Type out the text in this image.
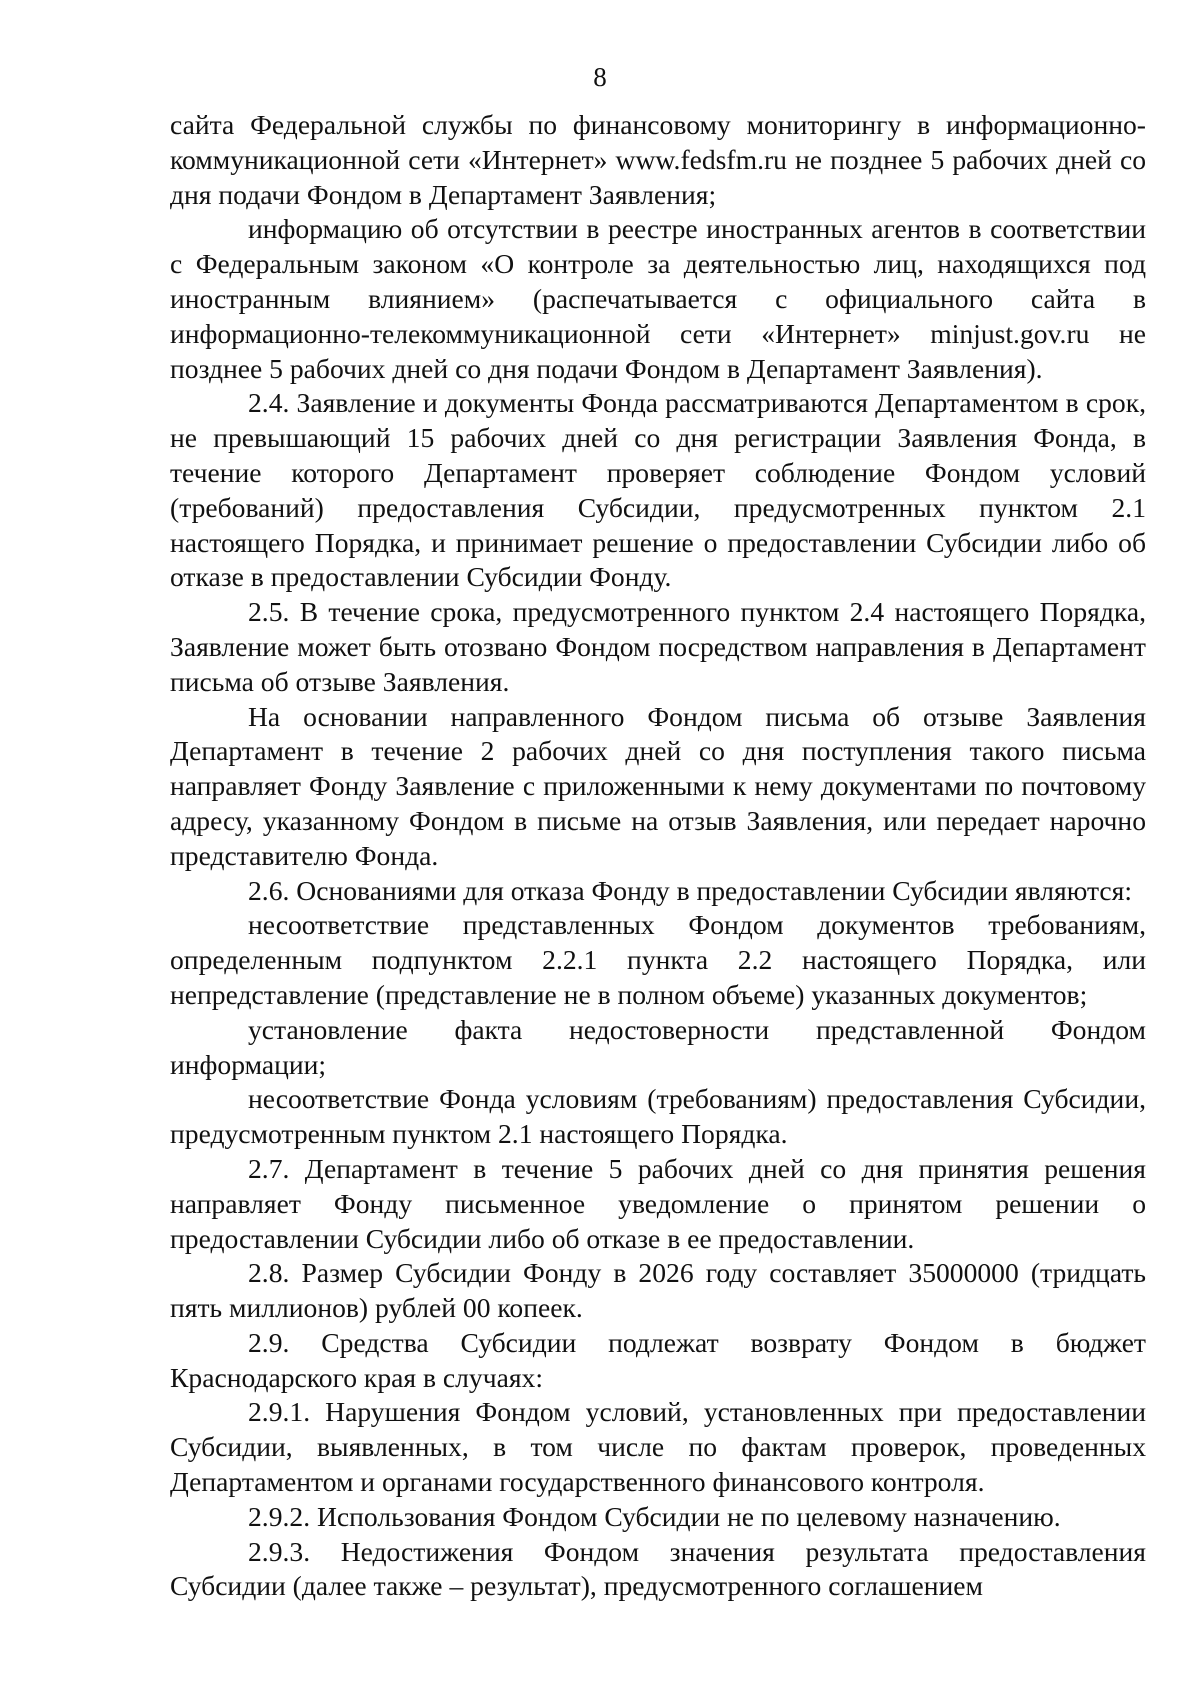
8

сайта Федеральной службы по финансовому мониторингу в информационно-коммуникационной сети «Интернет» www.fedsfm.ru не позднее 5 рабочих дней со дня подачи Фондом в Департамент Заявления;

информацию об отсутствии в реестре иностранных агентов в соответствии с Федеральным законом «О контроле за деятельностью лиц, находящихся под иностранным влиянием» (распечатывается с официального сайта в информационно-телекоммуникационной сети «Интернет» minjust.gov.ru не позднее 5 рабочих дней со дня подачи Фондом в Департамент Заявления).

2.4. Заявление и документы Фонда рассматриваются Департаментом в срок, не превышающий 15 рабочих дней со дня регистрации Заявления Фонда, в течение которого Департамент проверяет соблюдение Фондом условий (требований) предоставления Субсидии, предусмотренных пунктом 2.1 настоящего Порядка, и принимает решение о предоставлении Субсидии либо об отказе в предоставлении Субсидии Фонду.

2.5. В течение срока, предусмотренного пунктом 2.4 настоящего Порядка, Заявление может быть отозвано Фондом посредством направления в Департамент письма об отзыве Заявления.

На основании направленного Фондом письма об отзыве Заявления Департамент в течение 2 рабочих дней со дня поступления такого письма направляет Фонду Заявление с приложенными к нему документами по почтовому адресу, указанному Фондом в письме на отзыв Заявления, или передает нарочно представителю Фонда.

2.6. Основаниями для отказа Фонду в предоставлении Субсидии являются:

несоответствие представленных Фондом документов требованиям, определенным подпунктом 2.2.1 пункта 2.2 настоящего Порядка, или непредставление (представление не в полном объеме) указанных документов;

установление факта недостоверности представленной Фондом информации;

несоответствие Фонда условиям (требованиям) предоставления Субсидии, предусмотренным пунктом 2.1 настоящего Порядка.

2.7. Департамент в течение 5 рабочих дней со дня принятия решения направляет Фонду письменное уведомление о принятом решении о предоставлении Субсидии либо об отказе в ее предоставлении.

2.8. Размер Субсидии Фонду в 2026 году составляет 35000000 (тридцать пять миллионов) рублей 00 копеек.

2.9. Средства Субсидии подлежат возврату Фондом в бюджет Краснодарского края в случаях:

2.9.1. Нарушения Фондом условий, установленных при предоставлении Субсидии, выявленных, в том числе по фактам проверок, проведенных Департаментом и органами государственного финансового контроля.

2.9.2. Использования Фондом Субсидии не по целевому назначению.

2.9.3. Недостижения Фондом значения результата предоставления Субсидии (далее также – результат), предусмотренного соглашением
